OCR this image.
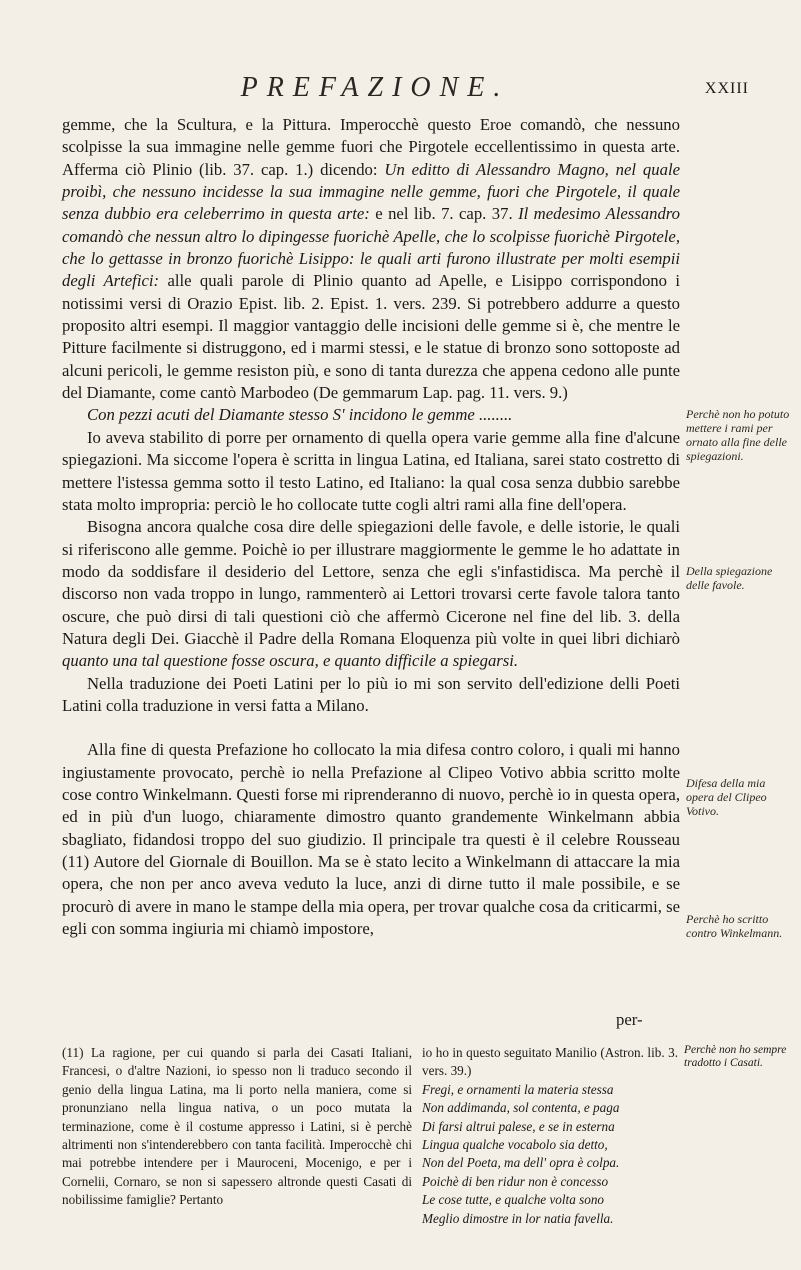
PREFAZIONE.	XXIII

gemme, che la Scultura, e la Pittura. Imperocchè questo Eroe comandò, che nessuno scolpisse la sua immagine nelle gemme fuori che Pirgotele eccellentissimo in questa arte. Afferma ciò Plinio (lib. 37. cap. 1.) dicendo: Un editto di Alessandro Magno, nel quale proibì, che nessuno incidesse la sua immagine nelle gemme, fuori che Pirgotele, il quale senza dubbio era celeberrimo in questa arte: e nel lib. 7. cap. 37. Il medesimo Alessandro comandò che nessun altro lo dipingesse fuorichè Apelle, che lo scolpisse fuorichè Pirgotele, che lo gettasse in bronzo fuorichè Lisippo: le quali arti furono illustrate per molti esempii degli Artefici: alle quali parole di Plinio quanto ad Apelle, e Lisippo corrispondono i notissimi versi di Orazio Epist. lib. 2. Epist. 1. vers. 239. Si potrebbero addurre a questo proposito altri esempi. Il maggior vantaggio delle incisioni delle gemme si è, che mentre le Pitture facilmente si distruggono, ed i marmi stessi, e le statue di bronzo sono sottoposte ad alcuni pericoli, le gemme resiston più, e sono di tanta durezza che appena cedono alle punte del Diamante, come cantò Marbodeo (De gemmarum Lap. pag. 11. vers. 9.)

Con pezzi acuti del Diamante stesso S' incidono le gemme ........

Io aveva stabilito di porre per ornamento di quella opera varie gemme alla fine d'alcune spiegazioni. Ma siccome l'opera è scritta in lingua Latina, ed Italiana, sarei stato costretto di mettere l'istessa gemma sotto il testo Latino, ed Italiano: la qual cosa senza dubbio sarebbe stata molto impropria: perciò le ho collocate tutte cogli altri rami alla fine dell'opera.

Bisogna ancora qualche cosa dire delle spiegazioni delle favole, e delle istorie, le quali si riferiscono alle gemme. Poichè io per illustrare maggiormente le gemme le ho adattate in modo da soddisfare il desiderio del Lettore, senza che egli s'infastidisca. Ma perchè il discorso non vada troppo in lungo, rammenterò ai Lettori trovarsi certe favole talora tanto oscure, che può dirsi di tali questioni ciò che affermò Cicerone nel fine del lib. 3. della Natura degli Dei. Giacchè il Padre della Romana Eloquenza più volte in quei libri dichiarò quanto una tal questione fosse oscura, e quanto difficile a spiegarsi.

Nella traduzione dei Poeti Latini per lo più io mi son servito dell'edizione delli Poeti Latini colla traduzione in versi fatta a Milano.

Alla fine di questa Prefazione ho collocato la mia difesa contro coloro, i quali mi hanno ingiustamente provocato, perchè io nella Prefazione al Clipeo Votivo abbia scritto molte cose contro Winkelmann. Questi forse mi riprenderanno di nuovo, perchè io in questa opera, ed in più d'un luogo, chiaramente dimostro quanto grandemente Winkelmann abbia sbagliato, fidandosi troppo del suo giudizio. Il principale tra questi è il celebre Rousseau (11) Autore del Giornale di Bouillon. Ma se è stato lecito a Winkelmann di attaccare la mia opera, che non per anco aveva veduto la luce, anzi di dirne tutto il male possibile, e se procurò di avere in mano le stampe della mia opera, per trovar qualche cosa da criticarmi, se egli con somma ingiuria mi chiamò impostore,

per-
Perchè non ho potuto mettere i rami per ornato alla fine delle spiegazioni.
Della spiegazione delle favole.
Difesa della mia opera del Clipeo Votivo.
Perchè ho scritto contro Winkelmann.
(11) La ragione, per cui quando si parla dei Casati Italiani, Francesi, o d'altre Nazioni, io spesso non li traduco secondo il genio della lingua Latina, ma li porto nella maniera, come si pronunziano nella lingua nativa, o un poco mutata la terminazione, come è il costume appresso i Latini, si è perchè altrimenti non s'intenderebbero con tanta facilità. Imperocchè chi mai potrebbe intendere per i Mauroceni, Mocenigo, e per i Cornelii, Cornaro, se non si sapessero altronde questi Casati di nobilissime famiglie? Pertanto
io ho in questo seguitato Manilio (Astron. lib. 3. vers. 39.)
Fregi, e ornamenti la materia stessa
Non addimanda, sol contenta, e paga
Di farsi altrui palese, e se in esterna
Lingua qualche vocabolo sia detto,
Non del Poeta, ma dell' opra è colpa.
Poichè di ben ridur non è concesso
Le cose tutte, e qualche volta sono
Meglio dimostre in lor natia favella.
Perchè non ho sempre tradotto i Casati.
